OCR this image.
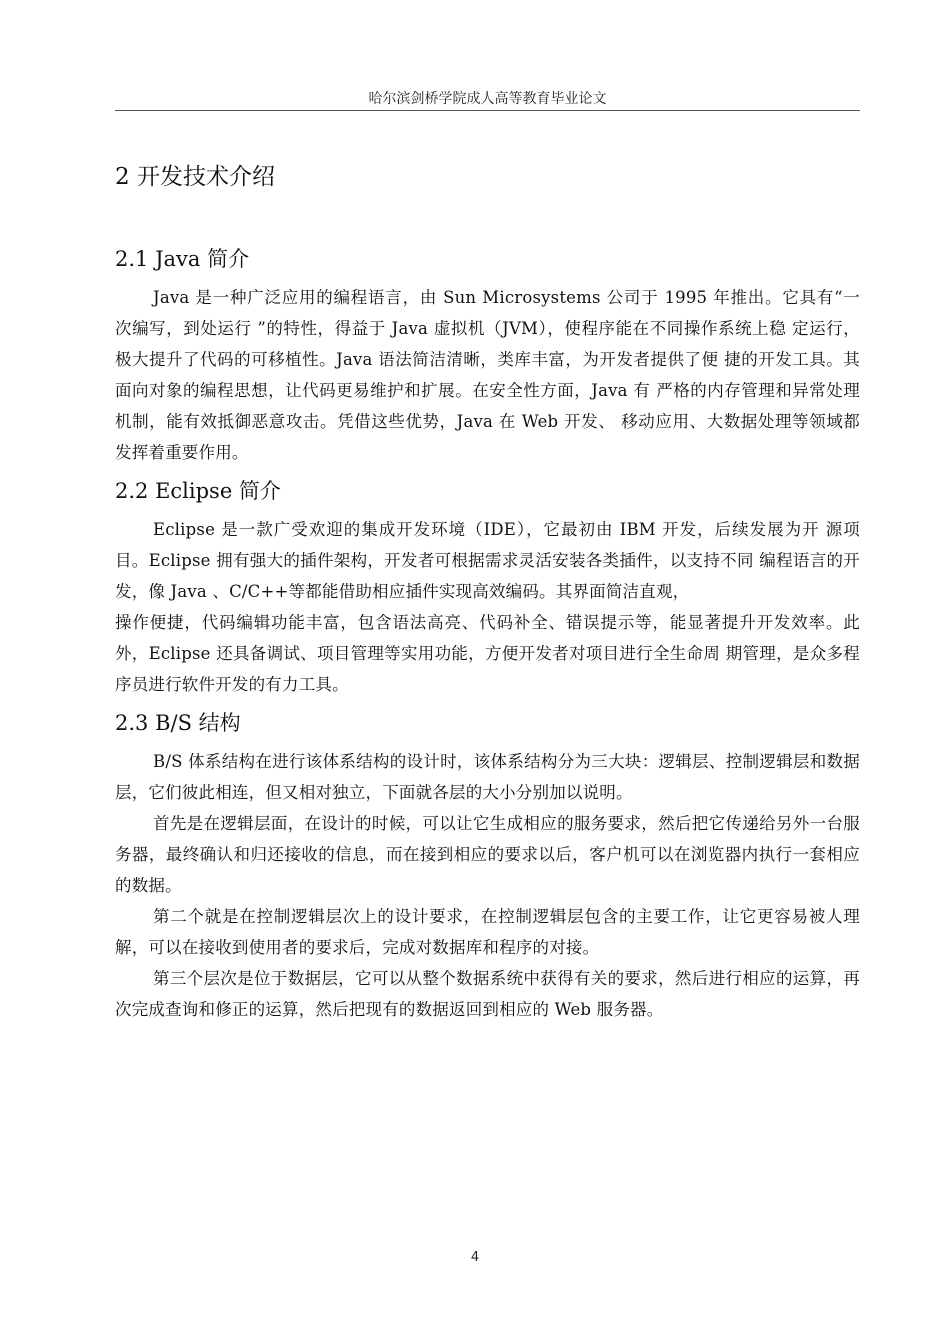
哈尔滨剑桥学院成人高等教育毕业论文
2 开发技术介绍
2.1 Java 简介

Java 是一种广泛应用的编程语言，由 Sun Microsystems 公司于 1995 年推出。它具有“一 次编写，到处运行 ”的特性，得益于 Java 虚拟机（JVM），使程序能在不同操作系统上稳 定运行，极大提升了代码的可移植性。Java 语法简洁清晰，类库丰富，为开发者提供了便 捷的开发工具。其面向对象的编程思想，让代码更易维护和扩展。在安全性方面，Java 有 严格的内存管理和异常处理机制，能有效抵御恶意攻击。凭借这些优势，Java 在 Web 开发、 移动应用、大数据处理等领域都发挥着重要作用。

2.2 Eclipse 简介

Eclipse 是一款广受欢迎的集成开发环境（IDE），它最初由 IBM 开发，后续发展为开 源项目。Eclipse 拥有强大的插件架构，开发者可根据需求灵活安装各类插件，以支持不同 编程语言的开发，像 Java 、C/C++等都能借助相应插件实现高效编码。其界面简洁直观，

操作便捷，代码编辑功能丰富，包含语法高亮、代码补全、错误提示等，能显著提升开发效率。此外，Eclipse 还具备调试、项目管理等实用功能，方便开发者对项目进行全生命周 期管理，是众多程序员进行软件开发的有力工具。

2.3 B/S 结构

B/S 体系结构在进行该体系结构的设计时，该体系结构分为三大块：逻辑层、控制逻辑层和数据层，它们彼此相连，但又相对独立，下面就各层的大小分别加以说明。

首先是在逻辑层面，在设计的时候，可以让它生成相应的服务要求，然后把它传递给另外一台服务器，最终确认和归还接收的信息，而在接到相应的要求以后，客户机可以在浏览器内执行一套相应的数据。

第二个就是在控制逻辑层次上的设计要求，在控制逻辑层包含的主要工作，让它更容易被人理解，可以在接收到使用者的要求后，完成对数据库和程序的对接。

第三个层次是位于数据层，它可以从整个数据系统中获得有关的要求，然后进行相应的运算，再次完成查询和修正的运算，然后把现有的数据返回到相应的 Web 服务器。

4
